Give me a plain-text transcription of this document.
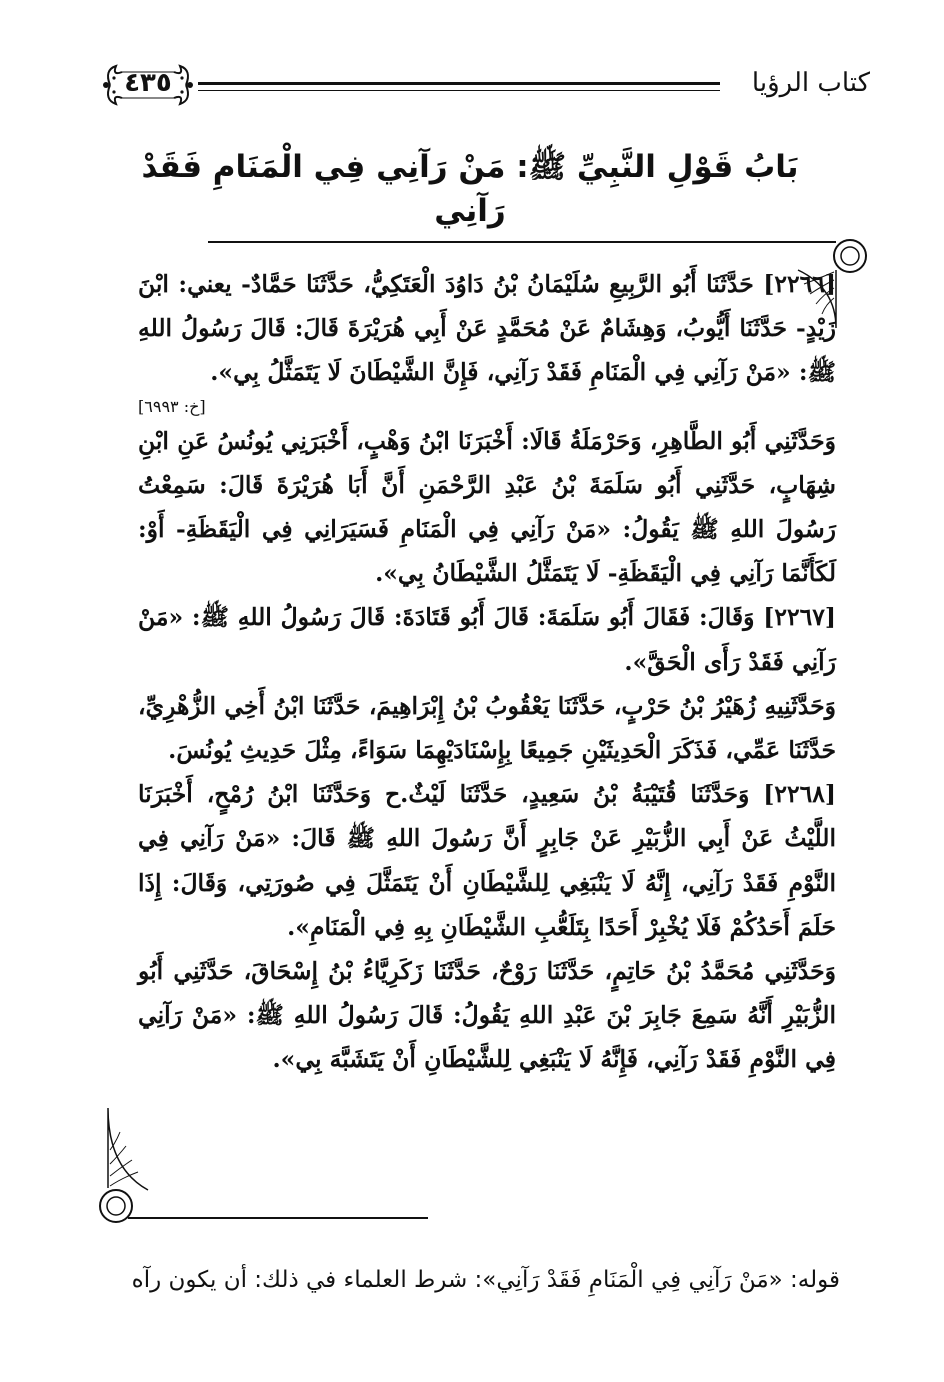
كتاب الرؤيا
٤٣٥
بَابُ قَوْلِ النَّبِيِّ ﷺ: مَنْ رَآنِي فِي الْمَنَامِ فَقَدْ رَآنِي

[٢٢٦٦] حَدَّثَنَا أَبُو الرَّبِيعِ سُلَيْمَانُ بْنُ دَاوُدَ الْعَتَكِيُّ، حَدَّثَنَا حَمَّادٌ- يعني: ابْنَ زَيْدٍ- حَدَّثَنَا أَيُّوبُ، وَهِشَامٌ عَنْ مُحَمَّدٍ عَنْ أَبِي هُرَيْرَةَ قَالَ: قَالَ رَسُولُ اللهِ ﷺ: «مَنْ رَآنِي فِي الْمَنَامِ فَقَدْ رَآنِي، فَإِنَّ الشَّيْطَانَ لَا يَتَمَثَّلُ بِي».

[خ: ٦٩٩٣]

وَحَدَّثَنِي أَبُو الطَّاهِرِ، وَحَرْمَلَةُ قَالَا: أَخْبَرَنَا ابْنُ وَهْبٍ، أَخْبَرَنِي يُونُسُ عَنِ ابْنِ شِهَابٍ، حَدَّثَنِي أَبُو سَلَمَةَ بْنُ عَبْدِ الرَّحْمَنِ أَنَّ أَبَا هُرَيْرَةَ قَالَ: سَمِعْتُ رَسُولَ اللهِ ﷺ يَقُولُ: «مَنْ رَآنِي فِي الْمَنَامِ فَسَيَرَانِي فِي الْيَقَظَةِ- أَوْ: لَكَأَنَّمَا رَآنِي فِي الْيَقَظَةِ- لَا يَتَمَثَّلُ الشَّيْطَانُ بِي».

[٢٢٦٧] وَقَالَ: فَقَالَ أَبُو سَلَمَةَ: قَالَ أَبُو قَتَادَةَ: قَالَ رَسُولُ اللهِ ﷺ: «مَنْ رَآنِي فَقَدْ رَأَى الْحَقَّ».

وَحَدَّثَنِيهِ زُهَيْرُ بْنُ حَرْبٍ، حَدَّثَنَا يَعْقُوبُ بْنُ إِبْرَاهِيمَ، حَدَّثَنَا ابْنُ أَخِي الزُّهْرِيِّ، حَدَّثَنَا عَمِّي، فَذَكَرَ الْحَدِيثَيْنِ جَمِيعًا بِإِسْنَادَيْهِمَا سَوَاءً، مِثْلَ حَدِيثِ يُونُسَ.

[٢٢٦٨] وَحَدَّثَنَا قُتَيْبَةُ بْنُ سَعِيدٍ، حَدَّثَنَا لَيْثٌ.ح وَحَدَّثَنَا ابْنُ رُمْحٍ، أَخْبَرَنَا اللَّيْثُ عَنْ أَبِي الزُّبَيْرِ عَنْ جَابِرٍ أَنَّ رَسُولَ اللهِ ﷺ قَالَ: «مَنْ رَآنِي فِي النَّوْمِ فَقَدْ رَآنِي، إِنَّهُ لَا يَنْبَغِي لِلشَّيْطَانِ أَنْ يَتَمَثَّلَ فِي صُورَتِي، وَقَالَ: إِذَا حَلَمَ أَحَدُكُمْ فَلَا يُخْبِرْ أَحَدًا بِتَلَعُّبِ الشَّيْطَانِ بِهِ فِي الْمَنَامِ».

وَحَدَّثَنِي مُحَمَّدُ بْنُ حَاتِمٍ، حَدَّثَنَا رَوْحٌ، حَدَّثَنَا زَكَرِيَّاءُ بْنُ إِسْحَاقَ، حَدَّثَنِي أَبُو الزُّبَيْرِ أَنَّهُ سَمِعَ جَابِرَ بْنَ عَبْدِ اللهِ يَقُولُ: قَالَ رَسُولُ اللهِ ﷺ: «مَنْ رَآنِي فِي النَّوْمِ فَقَدْ رَآنِي، فَإِنَّهُ لَا يَنْبَغِي لِلشَّيْطَانِ أَنْ يَتَشَبَّهَ بِي».

قوله: «مَنْ رَآنِي فِي الْمَنَامِ فَقَدْ رَآنِي»: شرط العلماء في ذلك: أن يكون رآه
